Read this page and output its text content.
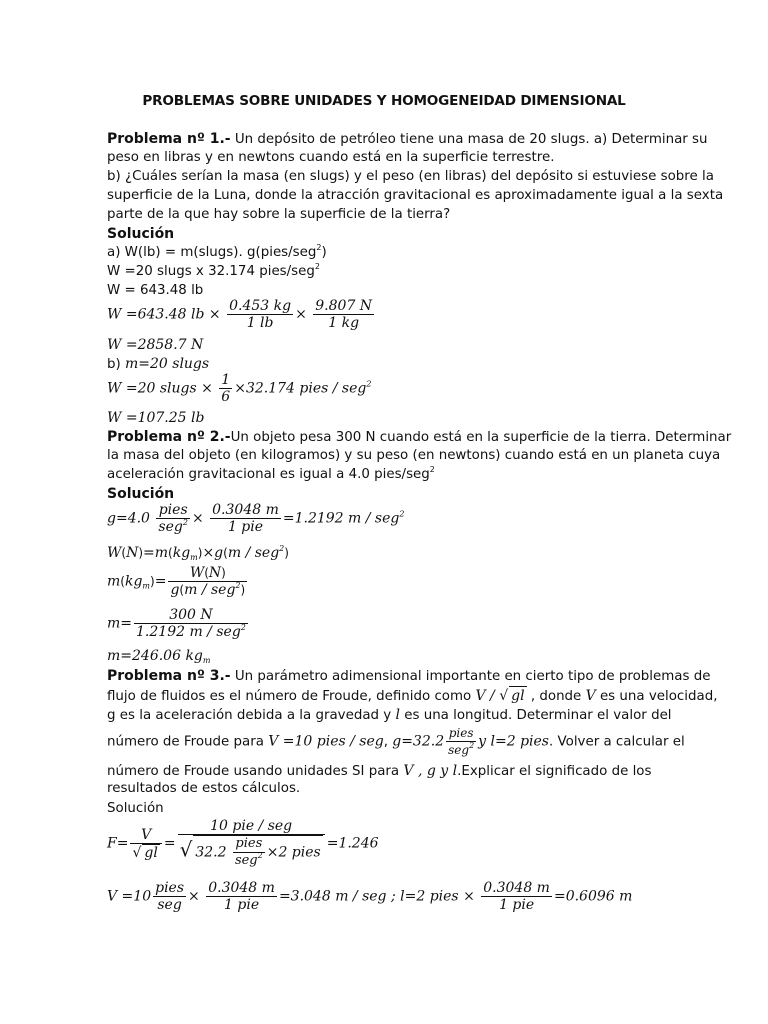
PROBLEMAS SOBRE UNIDADES Y HOMOGENEIDAD DIMENSIONAL
Problema nº 1.- Un depósito de petróleo tiene una masa de 20 slugs. a) Determinar su
peso en libras y en newtons cuando está en la superficie terrestre.
b) ¿Cuáles serían la masa (en slugs) y el peso (en libras) del depósito si estuviese sobre la
superficie de la Luna, donde la atracción gravitacional es aproximadamente igual a la sexta
parte de la que hay sobre la superficie de la tierra?
Solución
a) W(lb) = m(slugs). g(pies/seg$^2$)
W =20 slugs x 32.174 pies/seg$^2$
W = 643.48 lb
W =643.48 lb × $\frac{0.453 kg}{1 lb} \times \frac{9.807 N}{1 kg}$
W =2858.7 N
b) m=20 slugs
W =20 slugs × $\frac{1}{6} \times 32.174$ pies / seg$^2$
W =107.25 lb
Problema nº 2.-Un objeto pesa 300 N cuando está en la superficie de la tierra. Determinar
la masa del objeto (en kilogramos) y su peso (en newtons) cuando está en un planeta cuya
aceleración gravitacional es igual a 4.0 pies/seg$^2$
Solución
$g=4.0 \frac{\text{pies}}{seg^2} \times \frac{0.3048 m}{\text{1 pie}} =1.2192$ m / seg$^2$
$W(N)=m(kg_m)\times g(m / seg^2)$
$m(kg_m)= \frac{W(N)}{g(m / seg^2)}$
$m= \frac{300 N}{1.2192 m / seg^2}$
m=246.06 $kg_m$
Problema nº 3.- Un parámetro adimensional importante en cierto tipo de problemas de
flujo de fluidos es el número de Froude, definido como V / √ gl , donde V es una velocidad,
g es la aceleración debida a la gravedad y l es una longitud. Determinar el valor del
número de Froude para V =10 pies / seg, $g=32.2 \frac{\text{pies}}{seg^2}$ y l=2 pies. Volver a calcular el
número de Froude usando unidades SI para V , g y l.Explicar el significado de los
resultados de estos cálculos.
Solución
$F= \frac{V}{√ gl} = \frac{\text{10 pie / seg}}{√ 32.2 \frac{\text{pies}}{seg^2} \times 2 pies} =1.246$
$V =10 \frac{\text{pies}}{\text{seg}} \times \frac{0.3048 m}{\text{1 pie}} =3.048$ m / seg ; l=2 pies × $\frac{0.3048 m}{\text{1 pie}} =0.6096$ m
